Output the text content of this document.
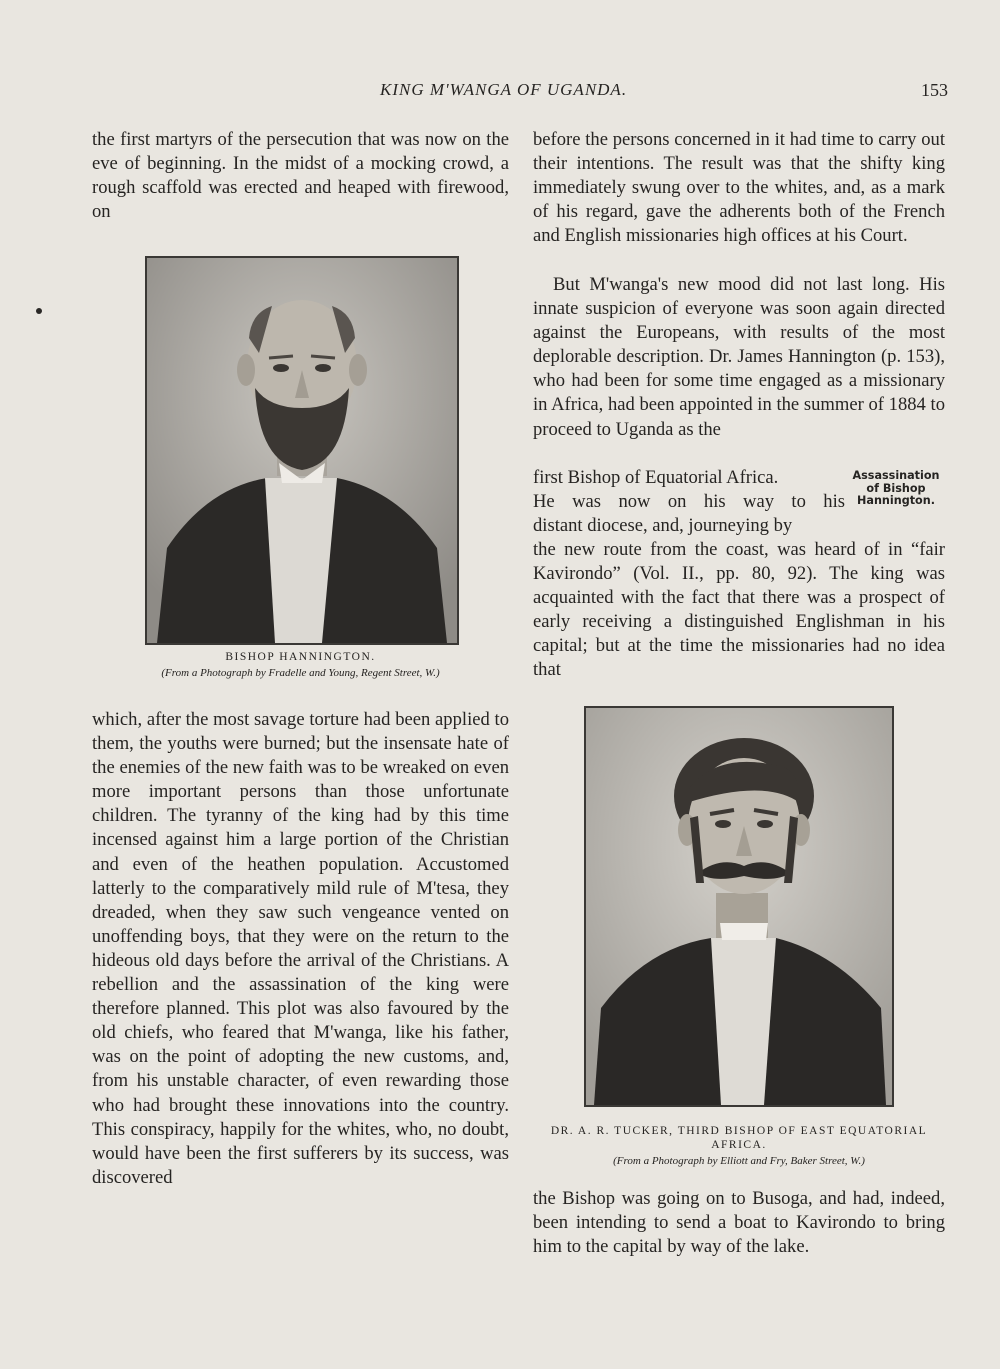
KING M'WANGA OF UGANDA.	153

the first martyrs of the persecution that was now on the eve of beginning. In the midst of a mocking crowd, a rough scaffold was erected and heaped with firewood, on

BISHOP HANNINGTON.
(From a Photograph by Fradelle and Young, Regent Street, W.)

which, after the most savage torture had been applied to them, the youths were burned; but the insensate hate of the enemies of the new faith was to be wreaked on even more important persons than those unfortunate children. The tyranny of the king had by this time incensed against him a large portion of the Christian and even of the heathen population. Accustomed latterly to the comparatively mild rule of M'tesa, they dreaded, when they saw such vengeance vented on unoffending boys, that they were on the return to the hideous old days before the arrival of the Christians. A rebellion and the assassination of the king were therefore planned. This plot was also favoured by the old chiefs, who feared that M'wanga, like his father, was on the point of adopting the new customs, and, from his unstable character, of even rewarding those who had brought these innovations into the country. This conspiracy, happily for the whites, who, no doubt, would have been the first sufferers by its success, was discovered

before the persons concerned in it had time to carry out their intentions. The result was that the shifty king immediately swung over to the whites, and, as a mark of his regard, gave the adherents both of the French and English missionaries high offices at his Court.

But M'wanga's new mood did not last long. His innate suspicion of everyone was soon again directed against the Europeans, with results of the most deplorable description. Dr. James Hannington (p. 153), who had been for some time engaged as a missionary in Africa, had been appointed in the summer of 1884 to proceed to Uganda as the

first Bishop of Equatorial Africa.
He was now on his way to his
distant diocese, and, journeying by
Assassination of Bishop Hannington.

the new route from the coast, was heard of in “fair Kavirondo” (Vol. II., pp. 80, 92). The king was acquainted with the fact that there was a prospect of early receiving a distinguished Englishman in his capital; but at the time the missionaries had no idea that

DR. A. R. TUCKER, THIRD BISHOP OF EAST EQUATORIAL AFRICA.
(From a Photograph by Elliott and Fry, Baker Street, W.)

the Bishop was going on to Busoga, and had, indeed, been intending to send a boat to Kavirondo to bring him to the capital by way of the lake.
